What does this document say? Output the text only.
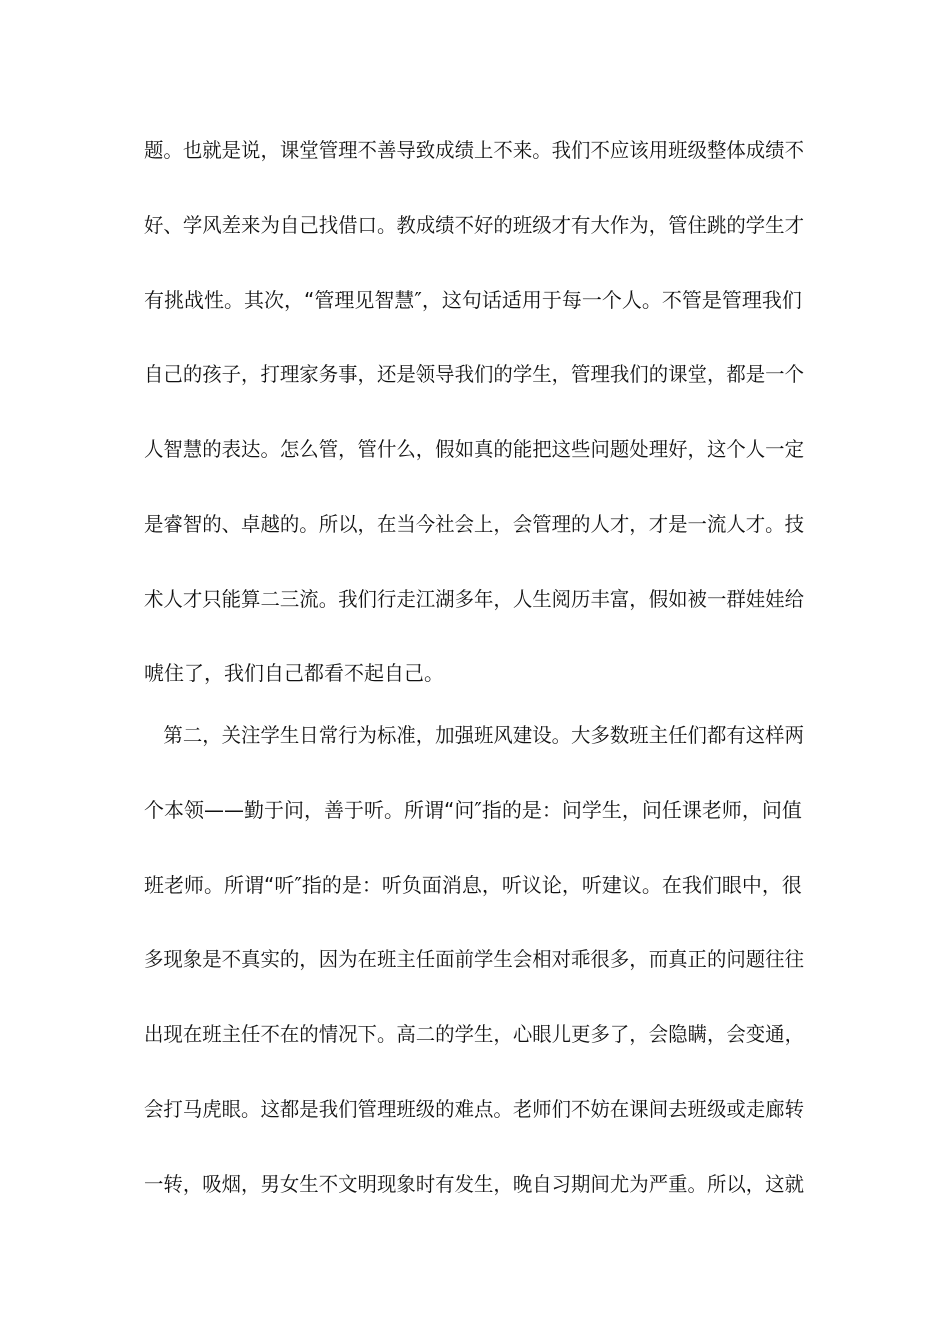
题。也就是说，课堂管理不善导致成绩上不来。我们不应该用班级整体成绩不
好、学风差来为自己找借口。教成绩不好的班级才有大作为，管住跳的学生才
有挑战性。其次，“管理见智慧″，这句话适用于每一个人。不管是管理我们
自己的孩子，打理家务事，还是领导我们的学生，管理我们的课堂，都是一个
人智慧的表达。怎么管，管什么，假如真的能把这些问题处理好，这个人一定
是睿智的、卓越的。所以，在当今社会上，会管理的人才，才是一流人才。技
术人才只能算二三流。我们行走江湖多年，人生阅历丰富，假如被一群娃娃给
唬住了，我们自己都看不起自己。
　第二，关注学生日常行为标准，加强班风建设。大多数班主任们都有这样两
个本领——勤于问，善于听。所谓“问″指的是：问学生，问任课老师，问值
班老师。所谓“听″指的是：听负面消息，听议论，听建议。在我们眼中，很
多现象是不真实的，因为在班主任面前学生会相对乖很多，而真正的问题往往
出现在班主任不在的情况下。高二的学生，心眼儿更多了，会隐瞒，会变通，
会打马虎眼。这都是我们管理班级的难点。老师们不妨在课间去班级或走廊转
一转，吸烟，男女生不文明现象时有发生，晚自习期间尤为严重。所以，这就
